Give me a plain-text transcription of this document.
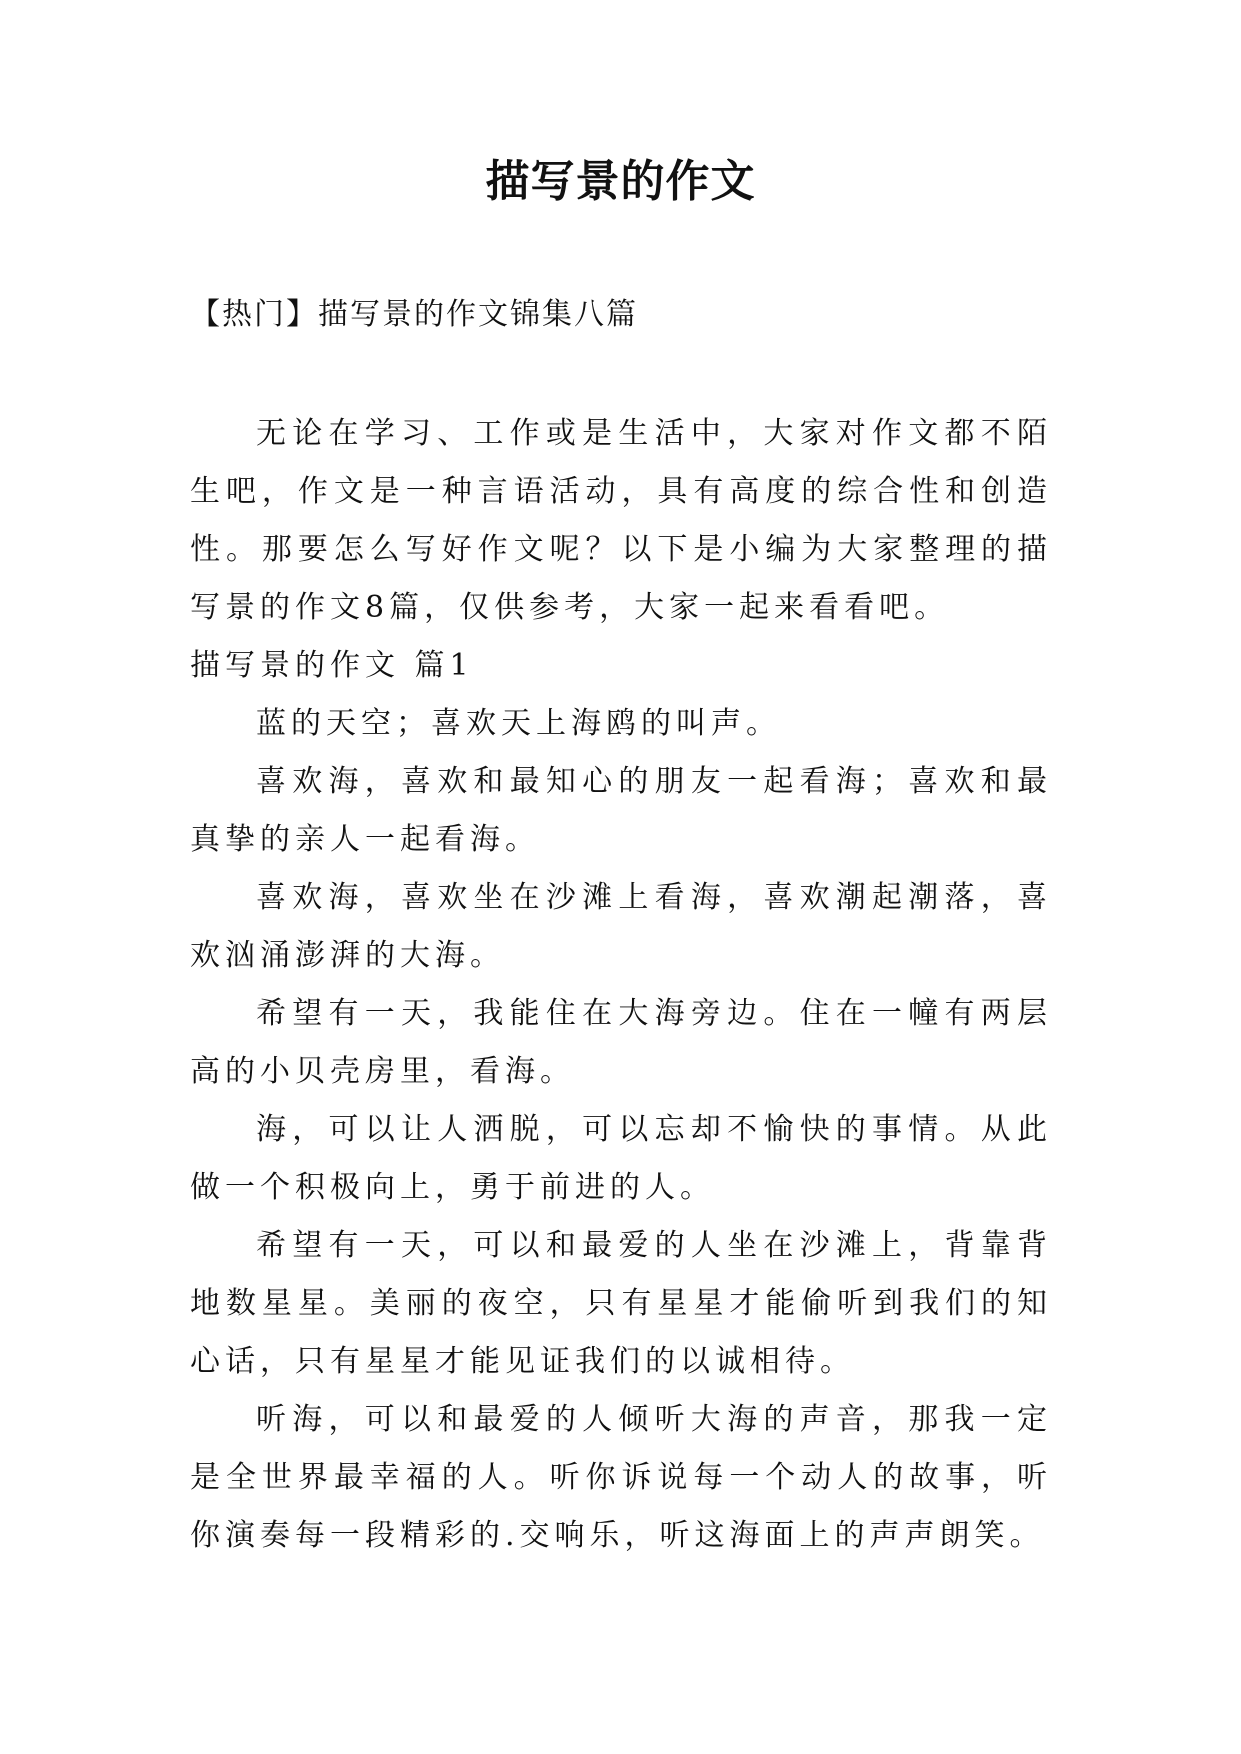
描写景的作文
【热门】描写景的作文锦集八篇

无论在学习、工作或是生活中，大家对作文都不陌生吧，作文是一种言语活动，具有高度的综合性和创造性。那要怎么写好作文呢？以下是小编为大家整理的描写景的作文8篇，仅供参考，大家一起来看看吧。

描写景的作文 篇1

蓝的天空；喜欢天上海鸥的叫声。

喜欢海，喜欢和最知心的朋友一起看海；喜欢和最真挚的亲人一起看海。

喜欢海，喜欢坐在沙滩上看海，喜欢潮起潮落，喜欢汹涌澎湃的大海。

希望有一天，我能住在大海旁边。住在一幢有两层高的小贝壳房里，看海。

海，可以让人洒脱，可以忘却不愉快的事情。从此做一个积极向上，勇于前进的人。

希望有一天，可以和最爱的人坐在沙滩上，背靠背地数星星。美丽的夜空，只有星星才能偷听到我们的知心话，只有星星才能见证我们的以诚相待。

听海，可以和最爱的人倾听大海的声音，那我一定是全世界最幸福的人。听你诉说每一个动人的故事，听你演奏每一段精彩的.交响乐，听这海面上的声声朗笑。
